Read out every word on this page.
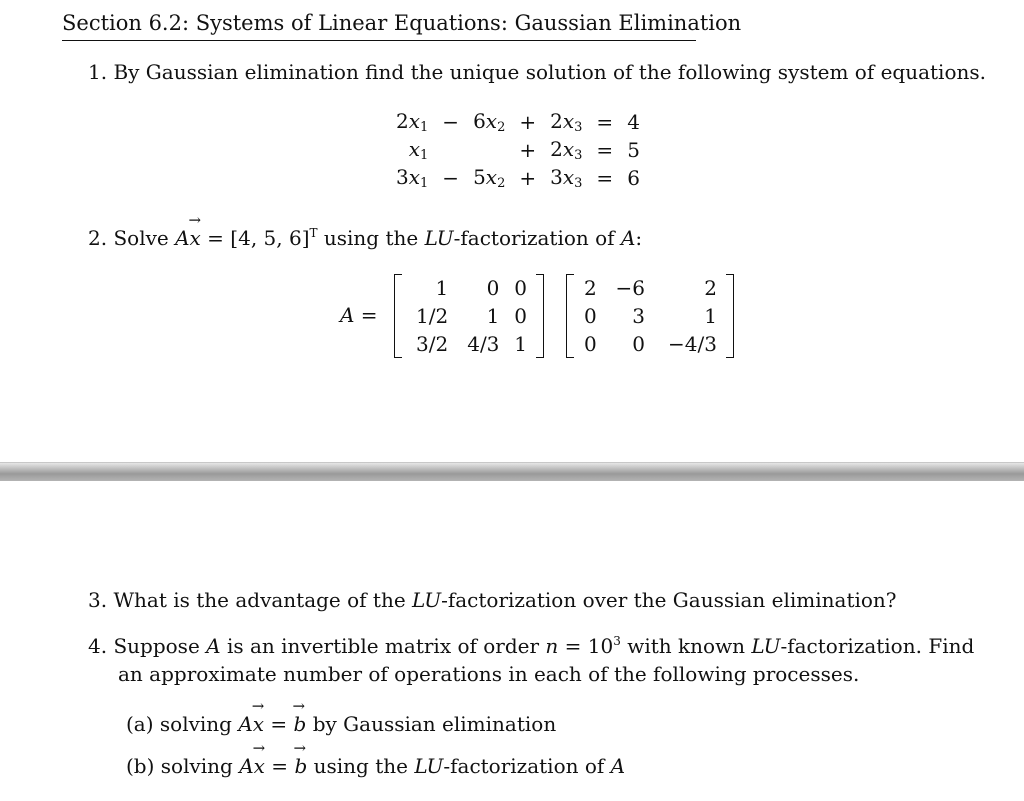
Section 6.2: Systems of Linear Equations: Gaussian Elimination
1. By Gaussian elimination find the unique solution of the following system of equations.
$2x_1$	−	$6x_2$	+	$2x_3$	=	4
$x_1$			+	$2x_3$	=	5
$3x_1$	−	$5x_2$	+	$3x_3$	=	6
2. Solve A→ x = [4, 5, 6]$^T$ using the LU-factorization of A:
A =
1	0	0
1/2	1	0
3/2	4/3	1
2	−6	2
0	3	1
0	0	−4/3
3. What is the advantage of the LU-factorization over the Gaussian elimination?
4. Suppose A is an invertible matrix of order $n = 10^3$ with known LU-factorization. Find
an approximate number of operations in each of the following processes.
(a) solving A→ x = → b by Gaussian elimination
(b) solving A→ x = → b using the LU-factorization of A
